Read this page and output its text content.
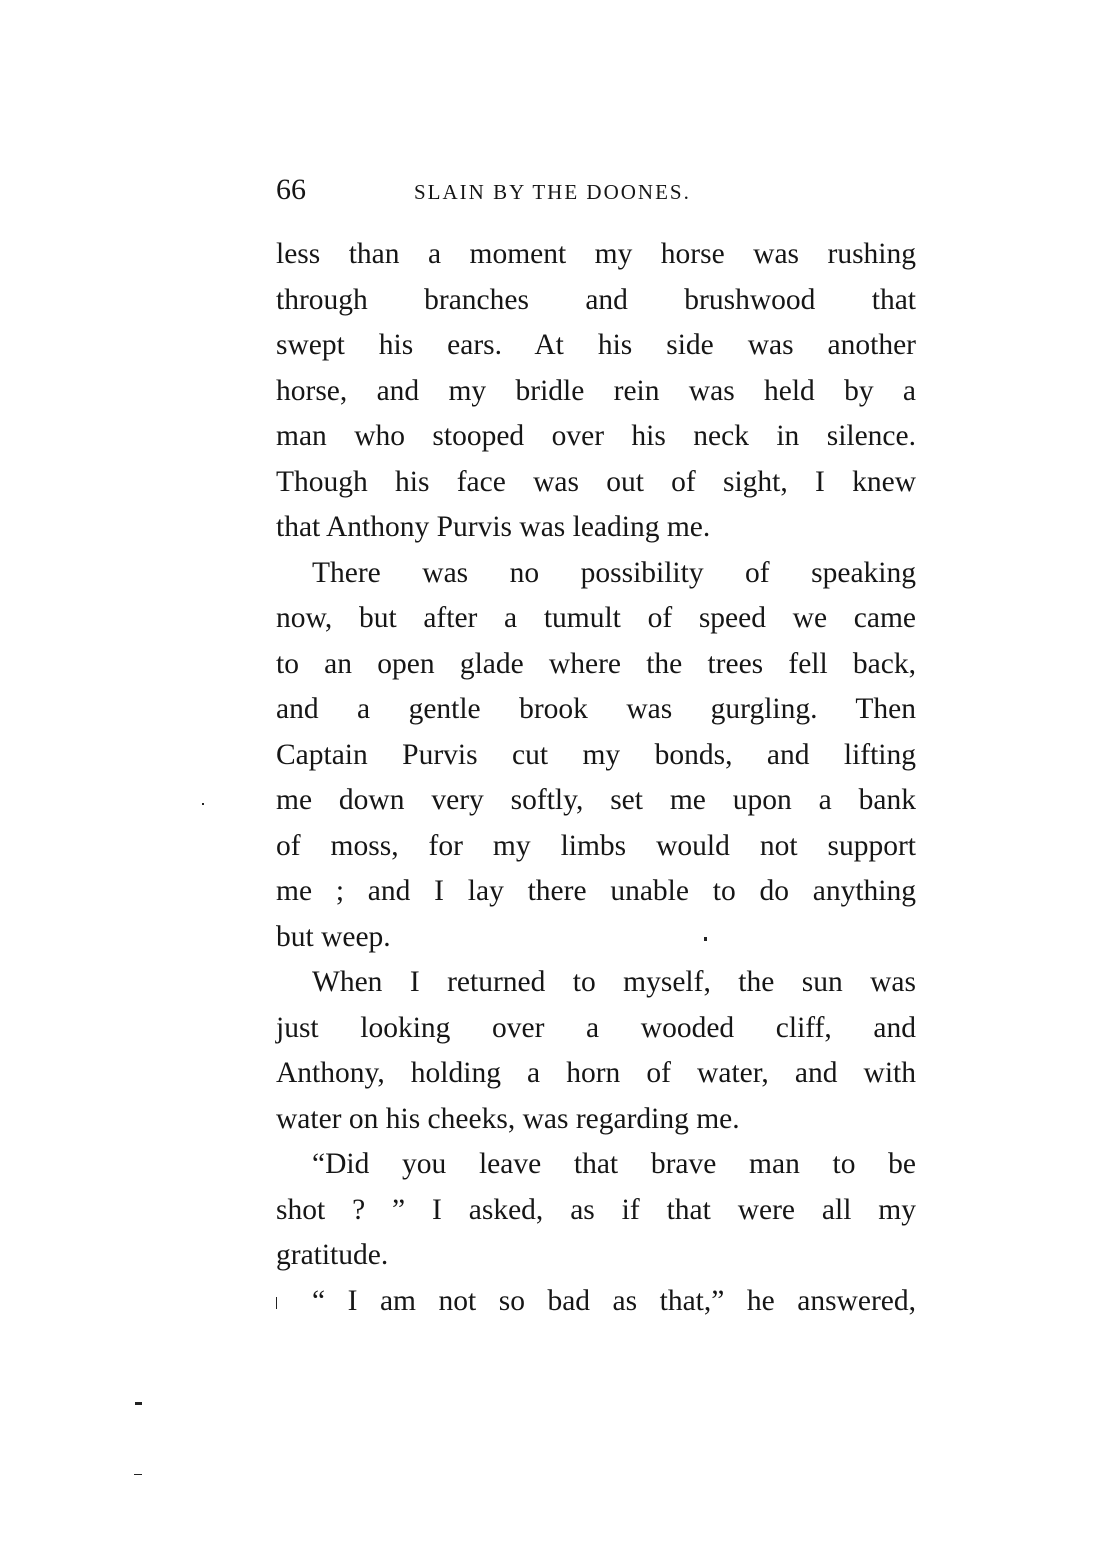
66	SLAIN BY THE DOONES.
less than a moment my horse was rushing
through branches and brushwood that
swept his ears. At his side was another
horse, and my bridle rein was held by a
man who stooped over his neck in silence.
Though his face was out of sight, I knew
that Anthony Purvis was leading me.
There was no possibility of speaking
now, but after a tumult of speed we came
to an open glade where the trees fell back,
and a gentle brook was gurgling. Then
Captain Purvis cut my bonds, and lifting
me down very softly, set me upon a bank
of moss, for my limbs would not support
me ; and I lay there unable to do anything
but weep.
When I returned to myself, the sun was
just looking over a wooded cliff, and
Anthony, holding a horn of water, and with
water on his cheeks, was regarding me.
“Did you leave that brave man to be
shot ? ” I asked, as if that were all my
gratitude.
“ I am not so bad as that,” he answered,
